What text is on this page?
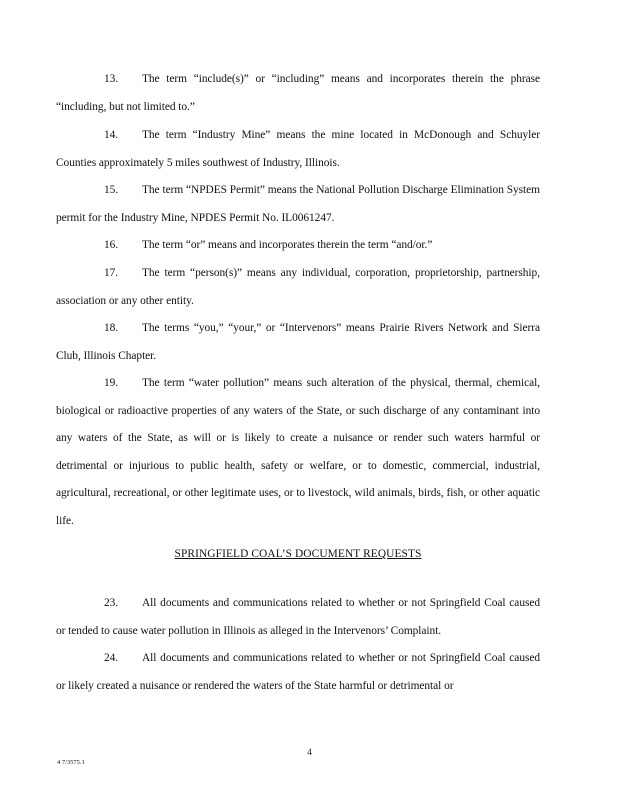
13. The term “include(s)” or “including” means and incorporates therein the phrase “including, but not limited to.”

14. The term “Industry Mine” means the mine located in McDonough and Schuyler Counties approximately 5 miles southwest of Industry, Illinois.

15. The term “NPDES Permit” means the National Pollution Discharge Elimination System permit for the Industry Mine, NPDES Permit No. IL0061247.

16. The term “or” means and incorporates therein the term “and/or.”

17. The term “person(s)” means any individual, corporation, proprietorship, partnership, association or any other entity.

18. The terms “you,” “your,” or “Intervenors” means Prairie Rivers Network and Sierra Club, Illinois Chapter.

19. The term “water pollution” means such alteration of the physical, thermal, chemical, biological or radioactive properties of any waters of the State, or such discharge of any contaminant into any waters of the State, as will or is likely to create a nuisance or render such waters harmful or detrimental or injurious to public health, safety or welfare, or to domestic, commercial, industrial, agricultural, recreational, or other legitimate uses, or to livestock, wild animals, birds, fish, or other aquatic life.

SPRINGFIELD COAL’S DOCUMENT REQUESTS

23. All documents and communications related to whether or not Springfield Coal caused or tended to cause water pollution in Illinois as alleged in the Intervenors’ Complaint.

24. All documents and communications related to whether or not Springfield Coal caused or likely created a nuisance or rendered the waters of the State harmful or detrimental or

4

4 7/3575.1
